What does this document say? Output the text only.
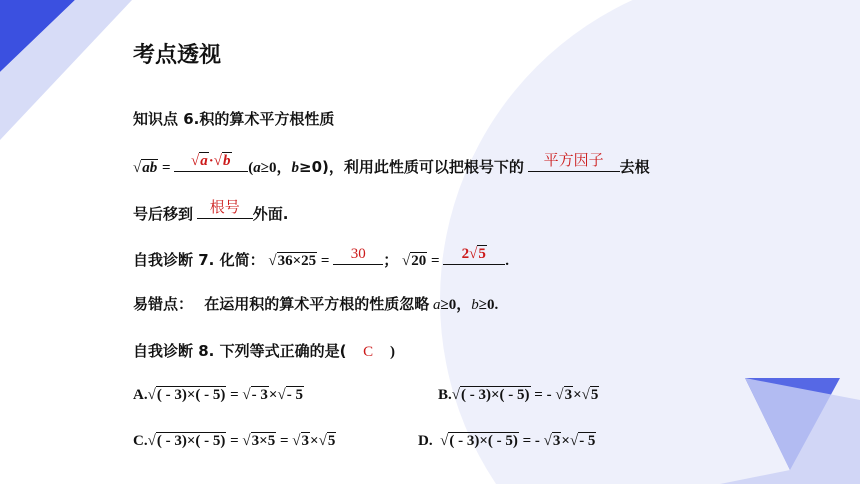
考点透视
知识点 6.积的算术平方根性质
√ab =	√a·√b	(a≥0，b≥0)，利用此性质可以把根号下的	平方因子	去根
号后移到	根号 外面.
自我诊断 7. 化简： √36×25 =	30	； √20 =	2√5	.
易错点： 在运用积的算术平方根的性质忽略 a≥0，b≥0.
自我诊断 8. 下列等式正确的是( C )
A.√( - 3)×( - 5) = √- 3×√- 5	B.√( - 3)×( - 5) = - √3×√5
C.√( - 3)×( - 5) = √3×5 = √3×√5	D. √( - 3)×( - 5) = - √3×√- 5
